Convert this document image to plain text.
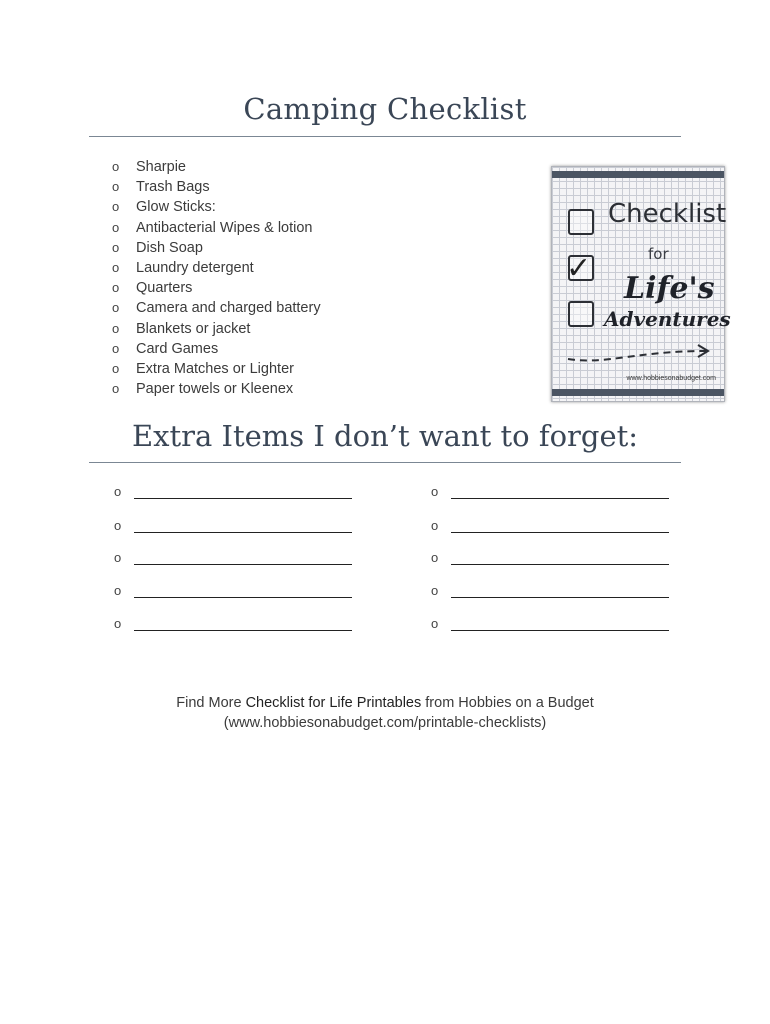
Camping Checklist
o Sharpie
o Trash Bags
o Glow Sticks:
o Antibacterial Wipes & lotion
o Dish Soap
o Laundry detergent
o Quarters
o Camera and charged battery
o Blankets or jacket
o Card Games
o Extra Matches or Lighter
o Paper towels or Kleenex
✓
Checklist
for
Life's
Adventures
www.hobbiesonabudget.com
Extra Items I don’t want to forget:
o	o
o	o
o	o
o	o
o	o
Find More Checklist for Life Printables from Hobbies on a Budget
(www.hobbiesonabudget.com/printable-checklists)
